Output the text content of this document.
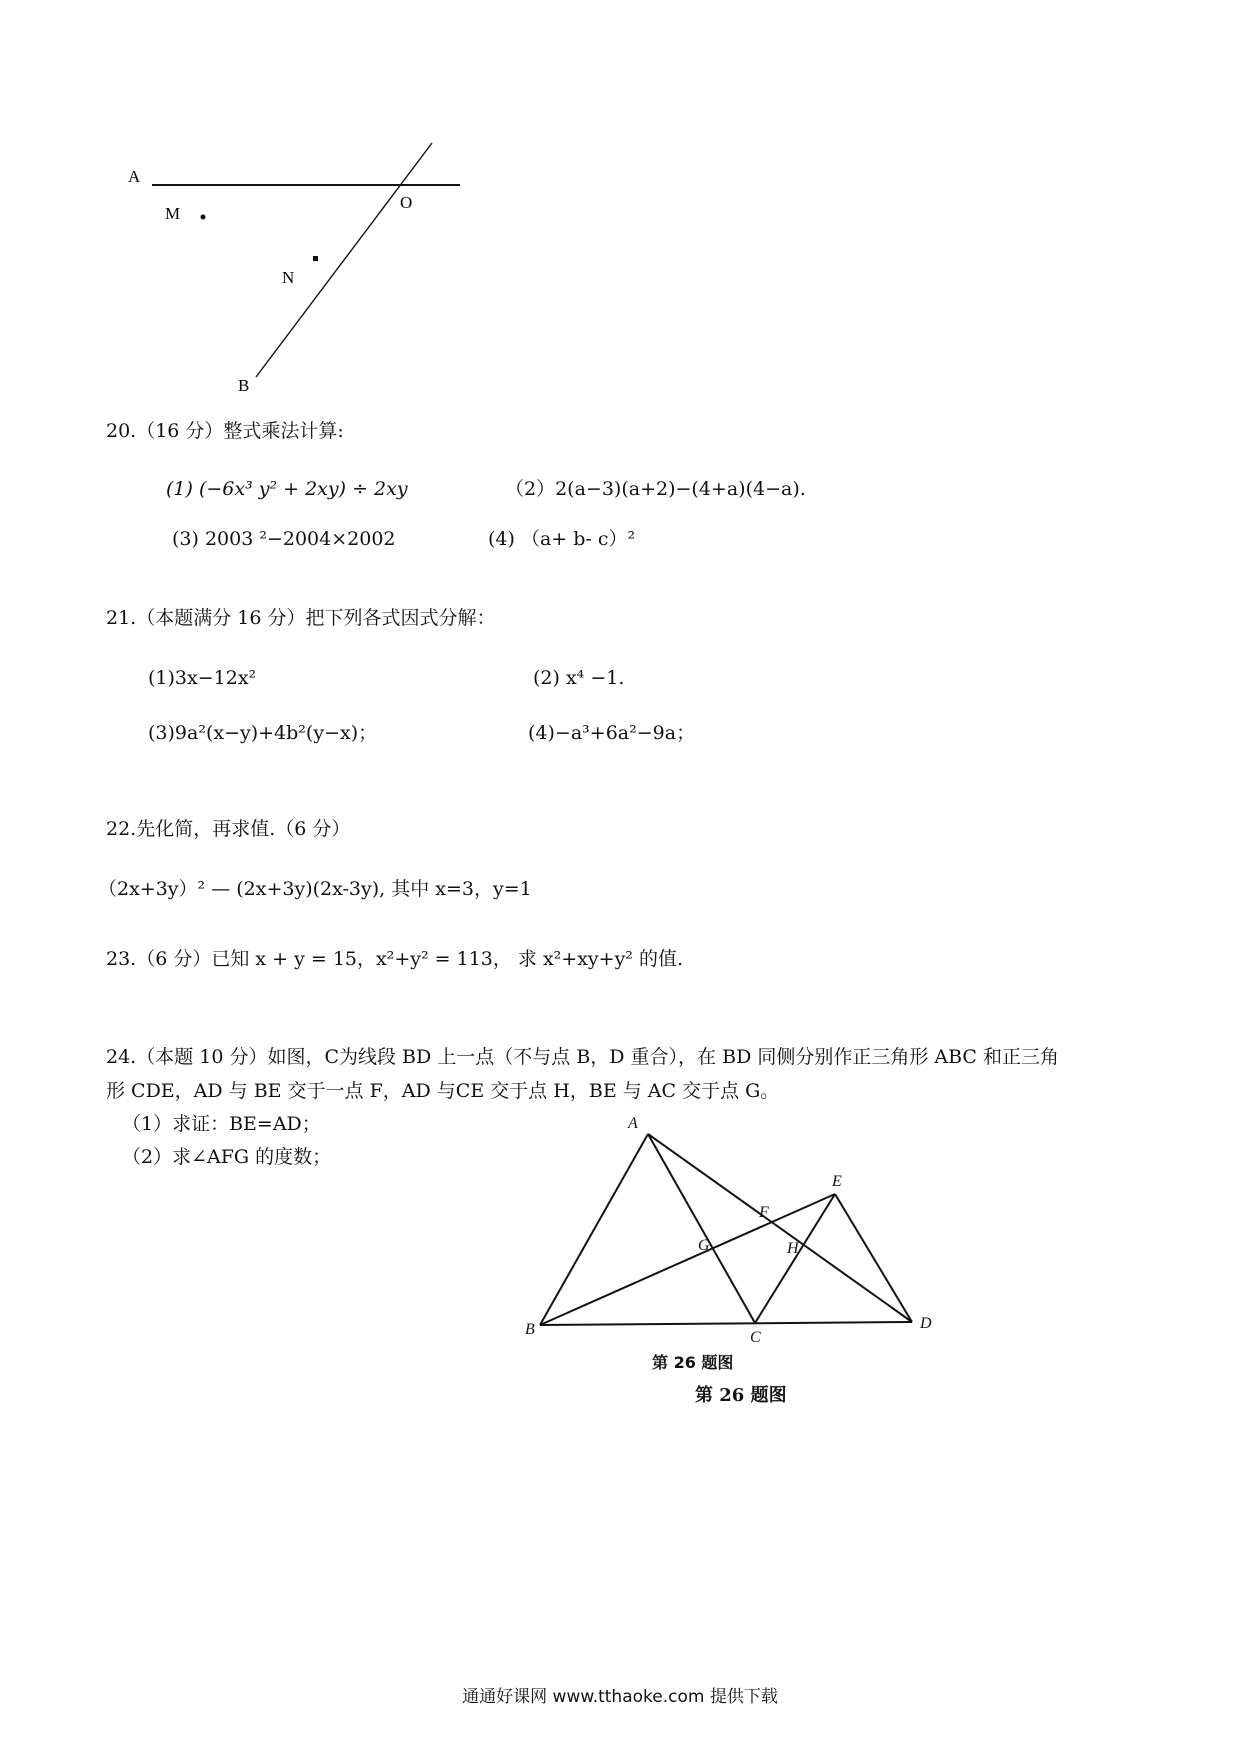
A
M
O
N
B
20.（16 分）整式乘法计算:
(1) (−6x³ y² + 2xy) ÷ 2xy	（2）2(a−3)(a+2)−(4+a)(4−a).
(3) 2003 ²−2004×2002	(4) （a+ b- c）²
21.（本题满分 16 分）把下列各式因式分解：
(1)3x−12x²	(2) x⁴ −1.
(3)9a²(x−y)+4b²(y−x)；	(4)−a³+6a²−9a；
22.先化简，再求值.（6 分）
（2x+3y）² — (2x+3y)(2x-3y), 其中 x=3，y=1
23.（6 分）已知 x + y = 15，x²+y² = 113， 求 x²+xy+y² 的值.
24.（本题 10 分）如图，C为线段 BD 上一点（不与点 B，D 重合），在 BD 同侧分别作正三角形 ABC 和正三角
形 CDE，AD 与 BE 交于一点 F，AD 与CE 交于点 H，BE 与 AC 交于点 G。
（1）求证：BE=AD；
（2）求∠AFG 的度数；
A
B	C
D
E
F
G	H
第 26 题图
第 26 题图
通通好课网 www.tthaoke.com 提供下载
